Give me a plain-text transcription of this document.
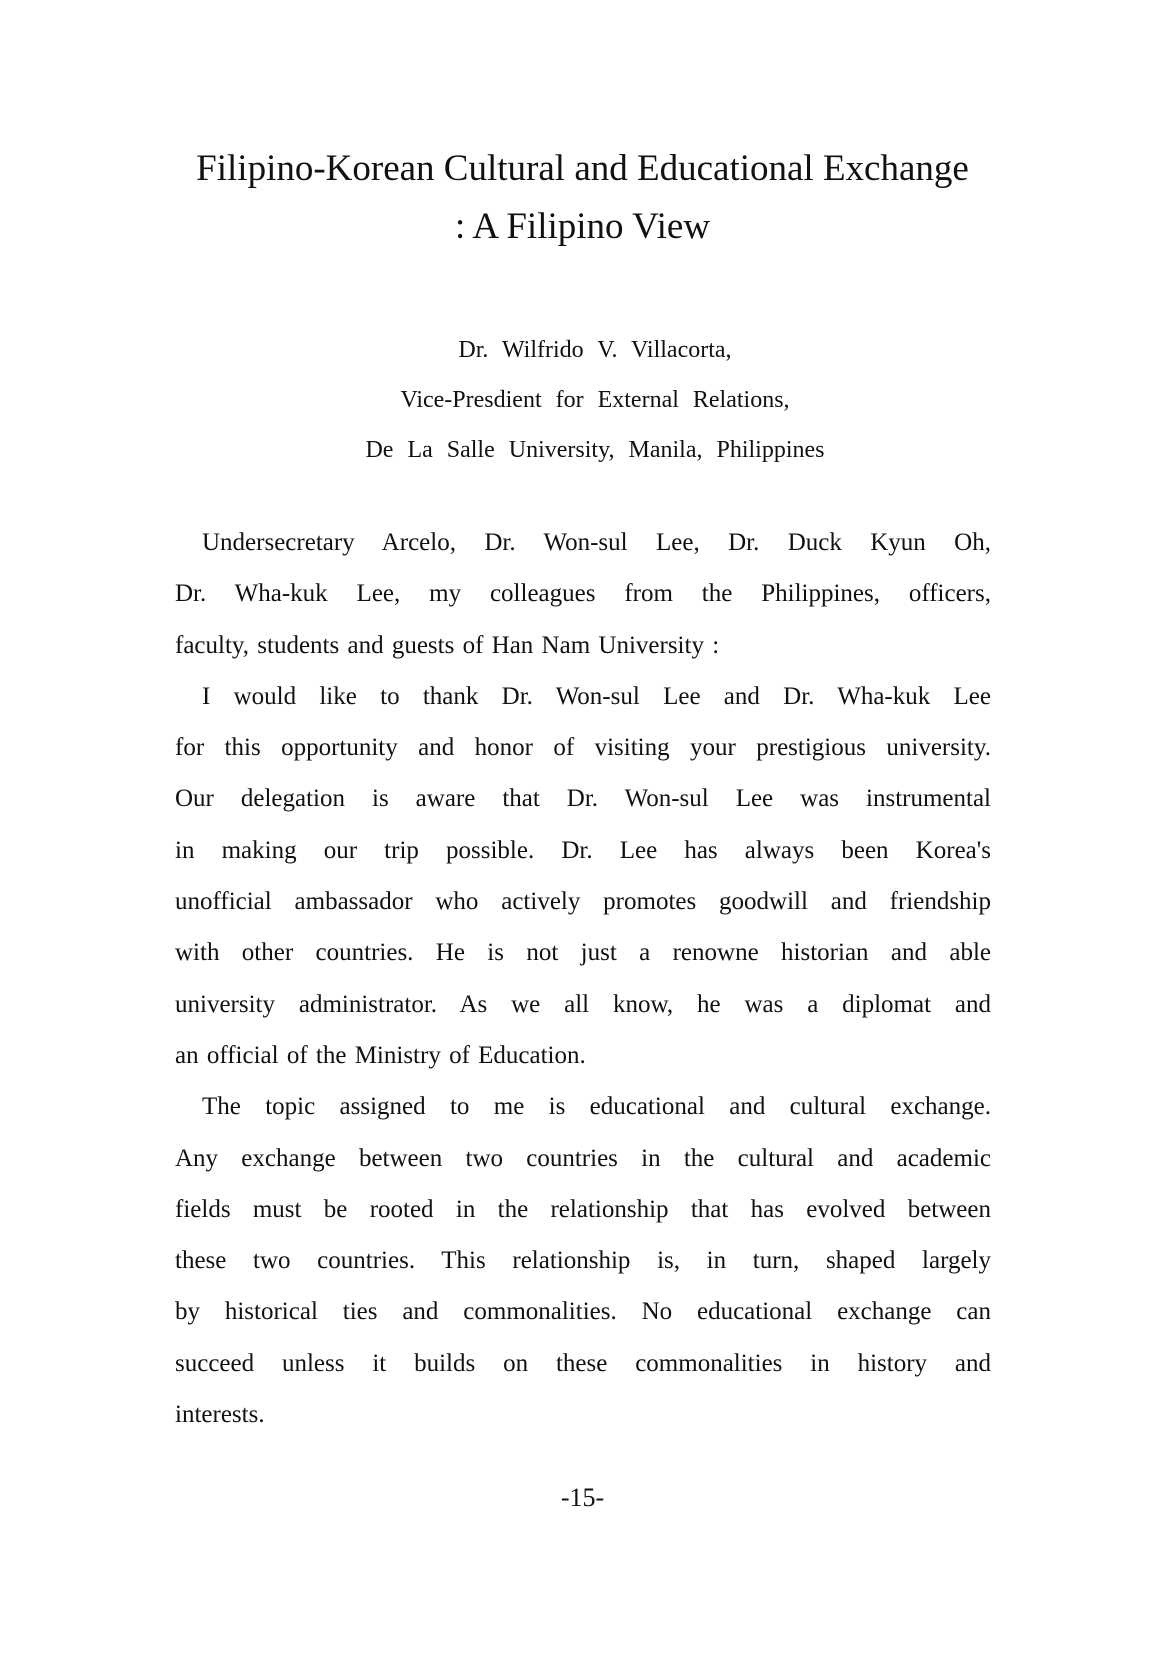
Filipino-Korean Cultural and Educational Exchange
: A Filipino View
Dr. Wilfrido V. Villacorta,
Vice-Presdient for External Relations,
De La Salle University, Manila, Philippines
Undersecretary Arcelo, Dr. Won-sul Lee, Dr. Duck Kyun Oh,
Dr. Wha-kuk Lee, my colleagues from the Philippines, officers,
faculty, students and guests of Han Nam University :
I would like to thank Dr. Won-sul Lee and Dr. Wha-kuk Lee
for this opportunity and honor of visiting your prestigious university.
Our delegation is aware that Dr. Won-sul Lee was instrumental
in making our trip possible. Dr. Lee has always been Korea's
unofficial ambassador who actively promotes goodwill and friendship
with other countries. He is not just a renowne historian and able
university administrator. As we all know, he was a diplomat and
an official of the Ministry of Education.
The topic assigned to me is educational and cultural exchange.
Any exchange between two countries in the cultural and academic
fields must be rooted in the relationship that has evolved between
these two countries. This relationship is, in turn, shaped largely
by historical ties and commonalities. No educational exchange can
succeed unless it builds on these commonalities in history and
interests.
-15-
